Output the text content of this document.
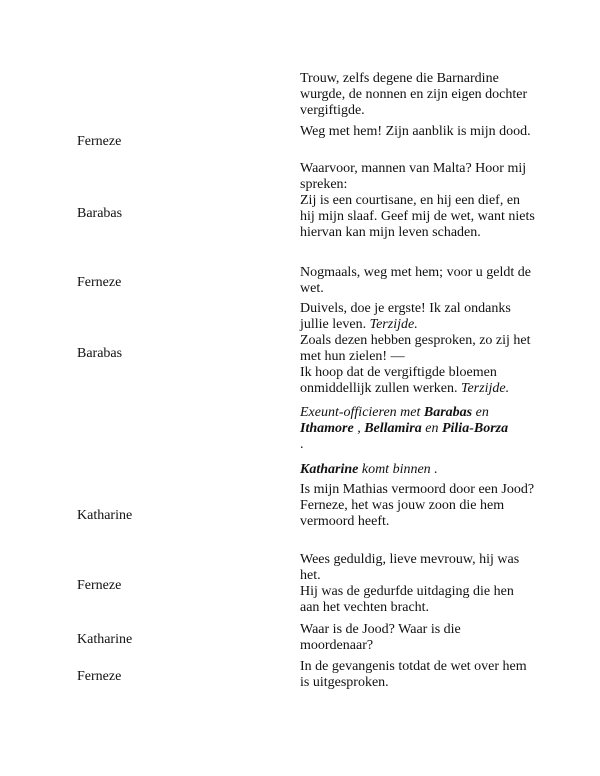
Trouw, zelfs degene die Barnardine wurgde, de nonnen en zijn eigen dochter vergiftigde.

Ferneze

Weg met hem! Zijn aanblik is mijn dood.

Barabas

Waarvoor, mannen van Malta? Hoor mij spreken:

Zij is een courtisane, en hij een dief, en hij mijn slaaf. Geef mij de wet, want niets hiervan kan mijn leven schaden.

Ferneze

Nogmaals, weg met hem; voor u geldt de wet.

Barabas

Duivels, doe je ergste! Ik zal ondanks jullie leven. Terzijde.

Zoals dezen hebben gesproken, zo zij het met hun zielen! —

Ik hoop dat de vergiftigde bloemen onmiddellijk zullen werken. Terzijde.

Exeunt-officieren met Barabas en

Ithamore , Bellamira en Pilia-Borza

.

Katharine komt binnen .

Katharine

Is mijn Mathias vermoord door een Jood?

Ferneze, het was jouw zoon die hem vermoord heeft.

Ferneze

Wees geduldig, lieve mevrouw, hij was het.

Hij was de gedurfde uitdaging die hen aan het vechten bracht.

Katharine

Waar is de Jood? Waar is die moordenaar?

Ferneze

In de gevangenis totdat de wet over hem is uitgesproken.
